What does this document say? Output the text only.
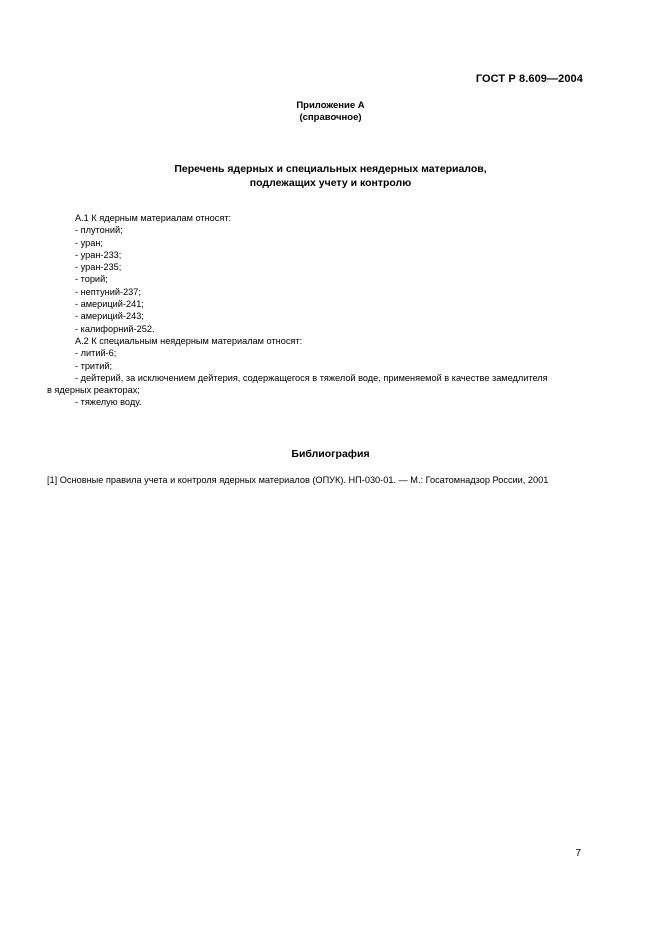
ГОСТ Р 8.609—2004
Приложение А
(справочное)
Перечень ядерных и специальных неядерных материалов,
подлежащих учету и контролю
А.1 К ядерным материалам относят:
- плутоний;
- уран;
- уран-233;
- уран-235;
- торий;
- нептуний-237;
- америций-241;
- америций-243;
- калифорний-252.
А.2 К специальным неядерным материалам относят:
- литий-6;
- тритий;
- дейтерий, за исключением дейтерия, содержащегося в тяжелой воде, применяемой в качестве замедлителя
в ядерных реакторах;
- тяжелую воду.
Библиография
[1] Основные правила учета и контроля ядерных материалов (ОПУК). НП-030-01. — М.: Госатомнадзор России, 2001
7
